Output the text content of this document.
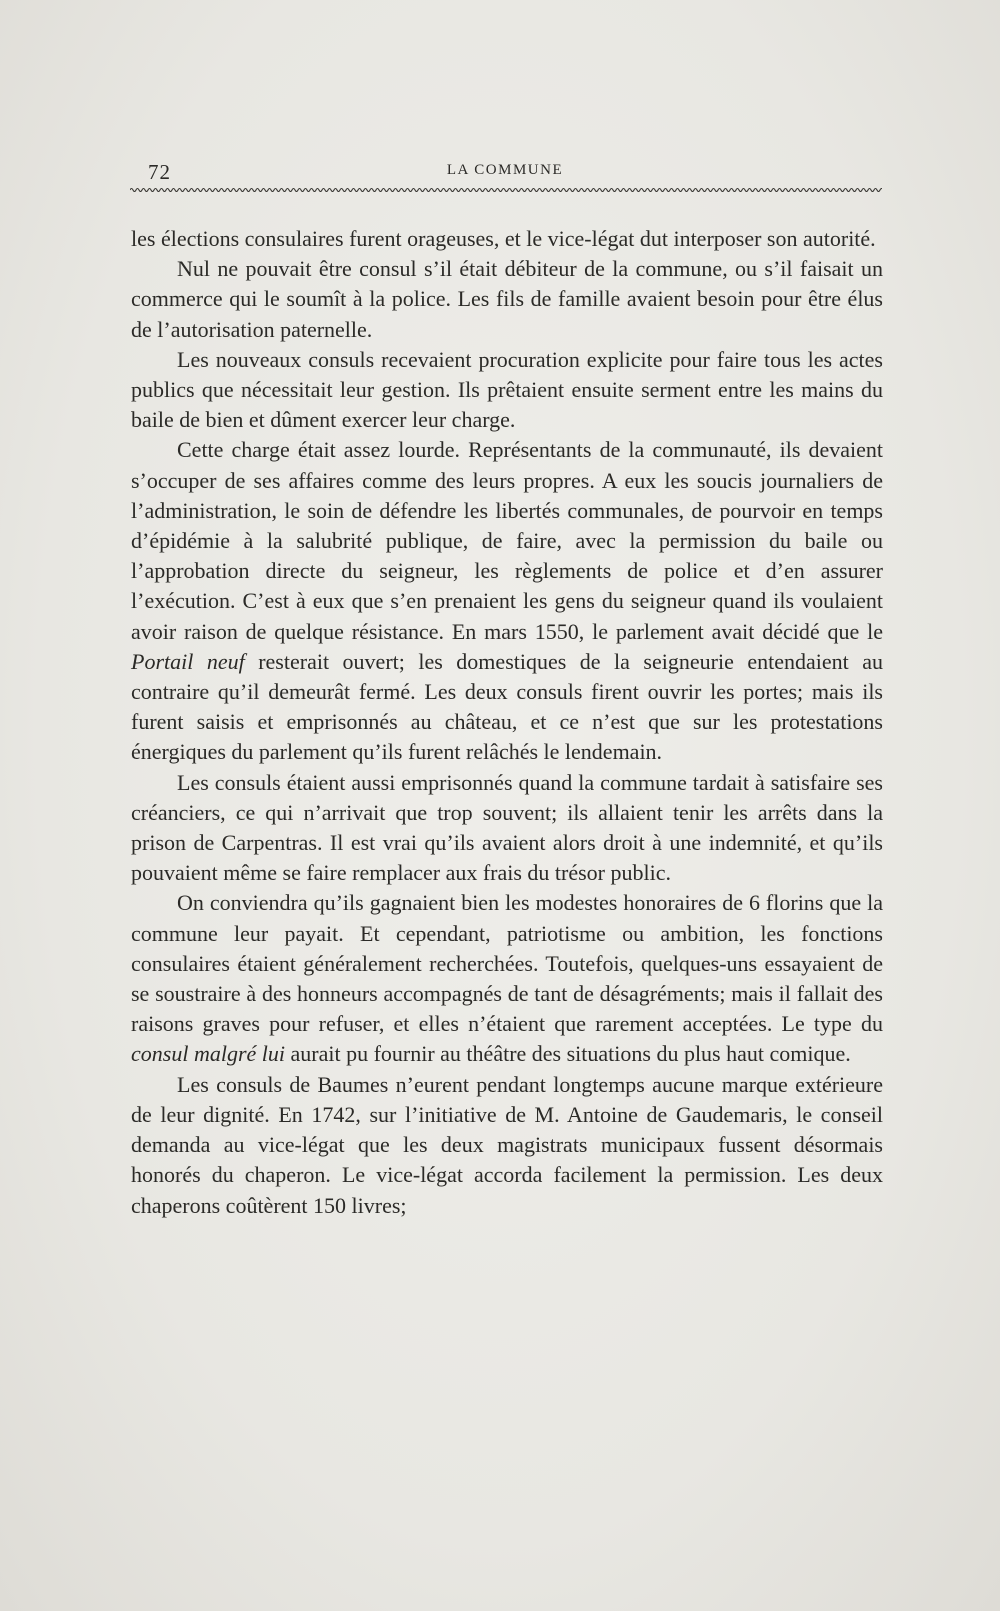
72	LA COMMUNE

les élections consulaires furent orageuses, et le vice-légat dut interposer son autorité.

Nul ne pouvait être consul s’il était débiteur de la commune, ou s’il faisait un commerce qui le soumît à la police. Les fils de famille avaient besoin pour être élus de l’autorisation paternelle.

Les nouveaux consuls recevaient procuration explicite pour faire tous les actes publics que nécessitait leur gestion. Ils prêtaient ensuite serment entre les mains du baile de bien et dûment exercer leur charge.

Cette charge était assez lourde. Représentants de la communauté, ils devaient s’occuper de ses affaires comme des leurs propres. A eux les soucis journaliers de l’administration, le soin de défendre les libertés communales, de pourvoir en temps d’épidémie à la salubrité publique, de faire, avec la permission du baile ou l’approbation directe du seigneur, les règlements de police et d’en assurer l’exécution. C’est à eux que s’en prenaient les gens du seigneur quand ils voulaient avoir raison de quelque résistance. En mars 1550, le parlement avait décidé que le Portail neuf resterait ouvert; les domestiques de la seigneurie entendaient au contraire qu’il demeurât fermé. Les deux consuls firent ouvrir les portes; mais ils furent saisis et emprisonnés au château, et ce n’est que sur les protestations énergiques du parlement qu’ils furent relâchés le lendemain.

Les consuls étaient aussi emprisonnés quand la commune tardait à satisfaire ses créanciers, ce qui n’arrivait que trop souvent; ils allaient tenir les arrêts dans la prison de Carpentras. Il est vrai qu’ils avaient alors droit à une indemnité, et qu’ils pouvaient même se faire remplacer aux frais du trésor public.

On conviendra qu’ils gagnaient bien les modestes honoraires de 6 florins que la commune leur payait. Et cependant, patriotisme ou ambition, les fonctions consulaires étaient généralement recherchées. Toutefois, quelques-uns essayaient de se soustraire à des honneurs accompagnés de tant de désagréments; mais il fallait des raisons graves pour refuser, et elles n’étaient que rarement acceptées. Le type du consul malgré lui aurait pu fournir au théâtre des situations du plus haut comique.

Les consuls de Baumes n’eurent pendant longtemps aucune marque extérieure de leur dignité. En 1742, sur l’initiative de M. Antoine de Gaudemaris, le conseil demanda au vice-légat que les deux magistrats municipaux fussent désormais honorés du chaperon. Le vice-légat accorda facilement la permission. Les deux chaperons coûtèrent 150 livres;
